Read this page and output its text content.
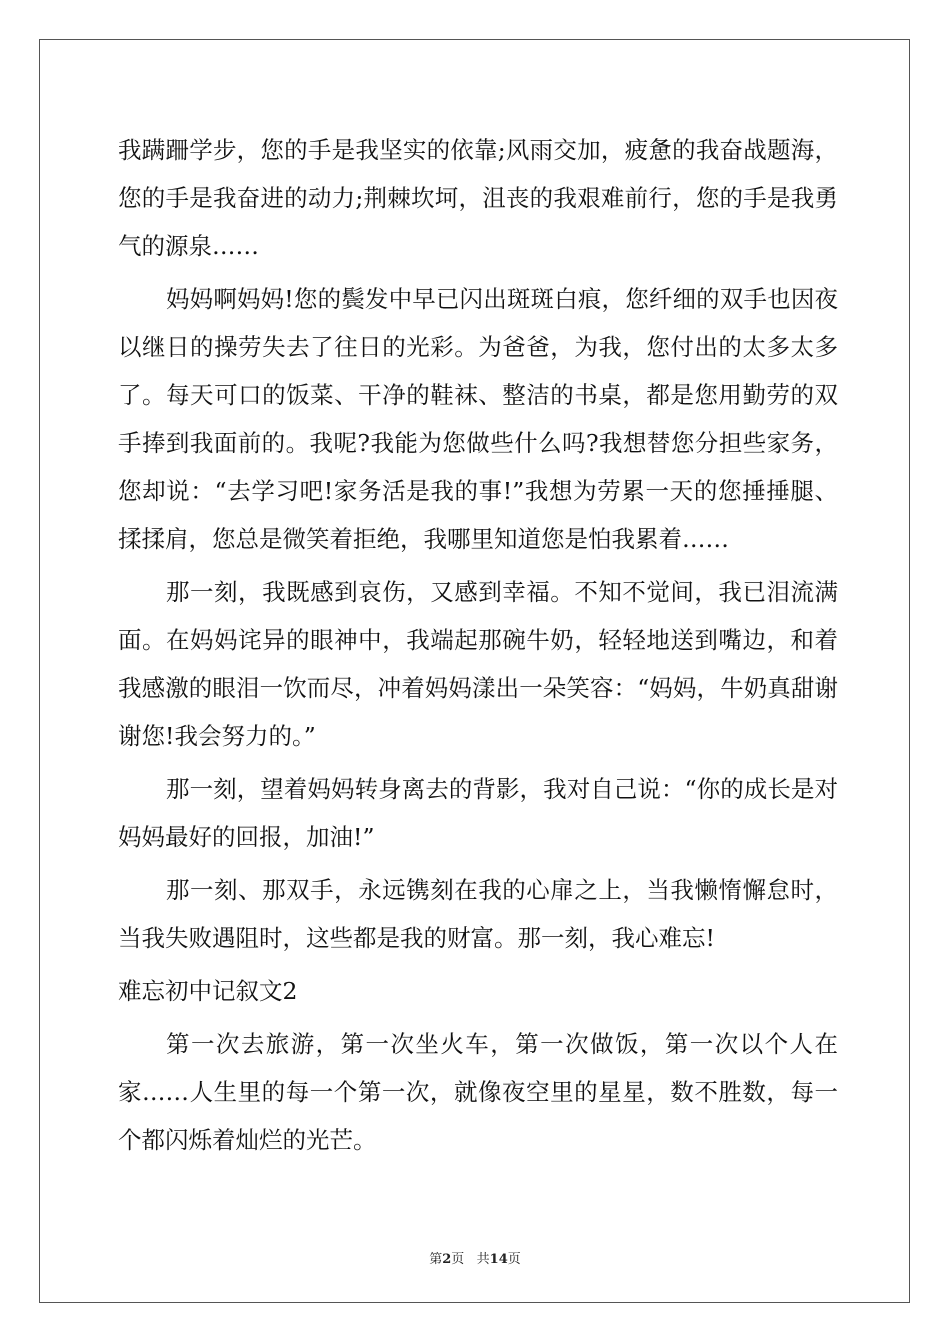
我蹒跚学步，您的手是我坚实的依靠;风雨交加，疲惫的我奋战题海，您的手是我奋进的动力;荆棘坎坷，沮丧的我艰难前行，您的手是我勇气的源泉……

妈妈啊妈妈!您的鬓发中早已闪出斑斑白痕，您纤细的双手也因夜以继日的操劳失去了往日的光彩。为爸爸，为我，您付出的太多太多了。每天可口的饭菜、干净的鞋袜、整洁的书桌，都是您用勤劳的双手捧到我面前的。我呢?我能为您做些什么吗?我想替您分担些家务，您却说：“去学习吧!家务活是我的事!”我想为劳累一天的您捶捶腿、揉揉肩，您总是微笑着拒绝，我哪里知道您是怕我累着……

那一刻，我既感到哀伤，又感到幸福。不知不觉间，我已泪流满面。在妈妈诧异的眼神中，我端起那碗牛奶，轻轻地送到嘴边，和着我感激的眼泪一饮而尽，冲着妈妈漾出一朵笑容：“妈妈，牛奶真甜谢谢您!我会努力的。”

那一刻，望着妈妈转身离去的背影，我对自己说：“你的成长是对妈妈最好的回报，加油!”

那一刻、那双手，永远镌刻在我的心扉之上，当我懒惰懈怠时，当我失败遇阻时，这些都是我的财富。那一刻，我心难忘!

难忘初中记叙文2

第一次去旅游，第一次坐火车，第一次做饭，第一次以个人在家……人生里的每一个第一次，就像夜空里的星星，数不胜数，每一个都闪烁着灿烂的光芒。

第2页   共14页
